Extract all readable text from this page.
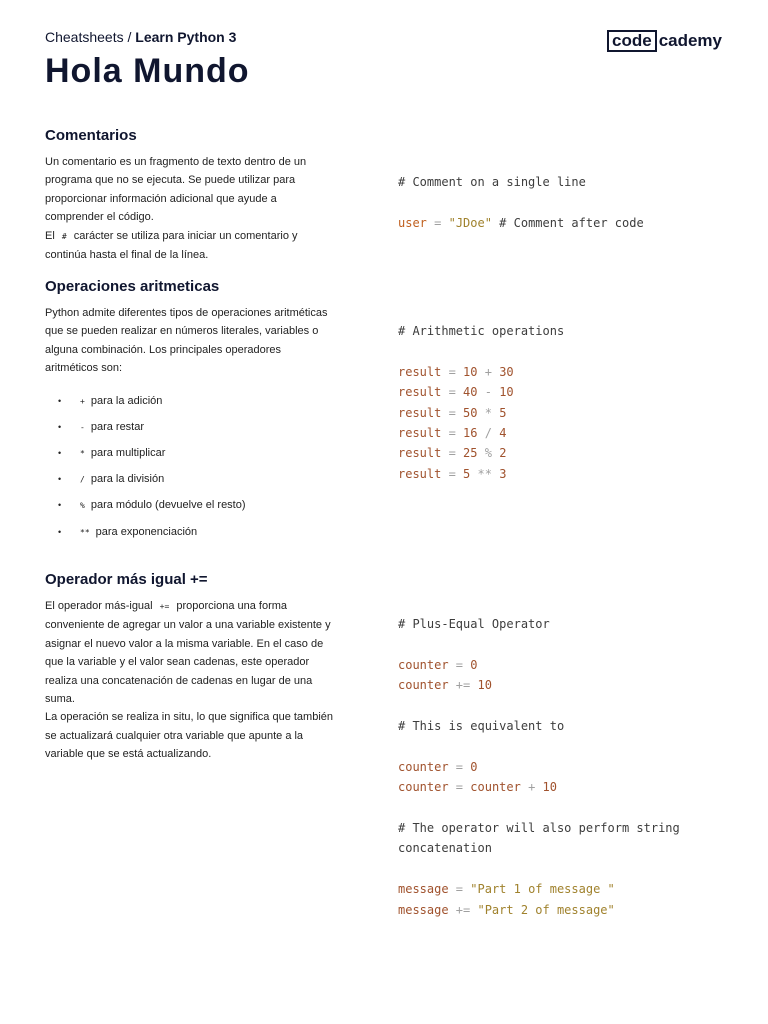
Cheatsheets / Learn Python 3
Hola Mundo
code cademy
Comentarios

Un comentario es un fragmento de texto dentro de un programa que no se ejecuta. Se puede utilizar para proporcionar información adicional que ayude a comprender el código.

El # carácter se utiliza para iniciar un comentario y continúa hasta el final de la línea.

# Comment on a single line
user = "JDoe" # Comment after code
Operaciones aritmeticas

Python admite diferentes tipos de operaciones aritméticas que se pueden realizar en números literales, variables o alguna combinación. Los principales operadores aritméticos son:

• + para la adición
• - para restar
• * para multiplicar
• / para la división
• % para módulo (devuelve el resto)
• ** para exponenciación
# Arithmetic operations
result = 10 + 30
result = 40 - 10
result = 50 * 5
result = 16 / 4
result = 25 % 2
result = 5 ** 3
Operador más igual +=

El operador más-igual += proporciona una forma conveniente de agregar un valor a una variable existente y asignar el nuevo valor a la misma variable. En el caso de que la variable y el valor sean cadenas, este operador realiza una concatenación de cadenas en lugar de una suma.

La operación se realiza in situ, lo que significa que también se actualizará cualquier otra variable que apunte a la variable que se está actualizando.

# Plus-Equal Operator
counter = 0
counter += 10
# This is equivalent to
counter = 0
counter = counter + 10
# The operator will also perform string concatenation
message = "Part 1 of message "
message += "Part 2 of message"
